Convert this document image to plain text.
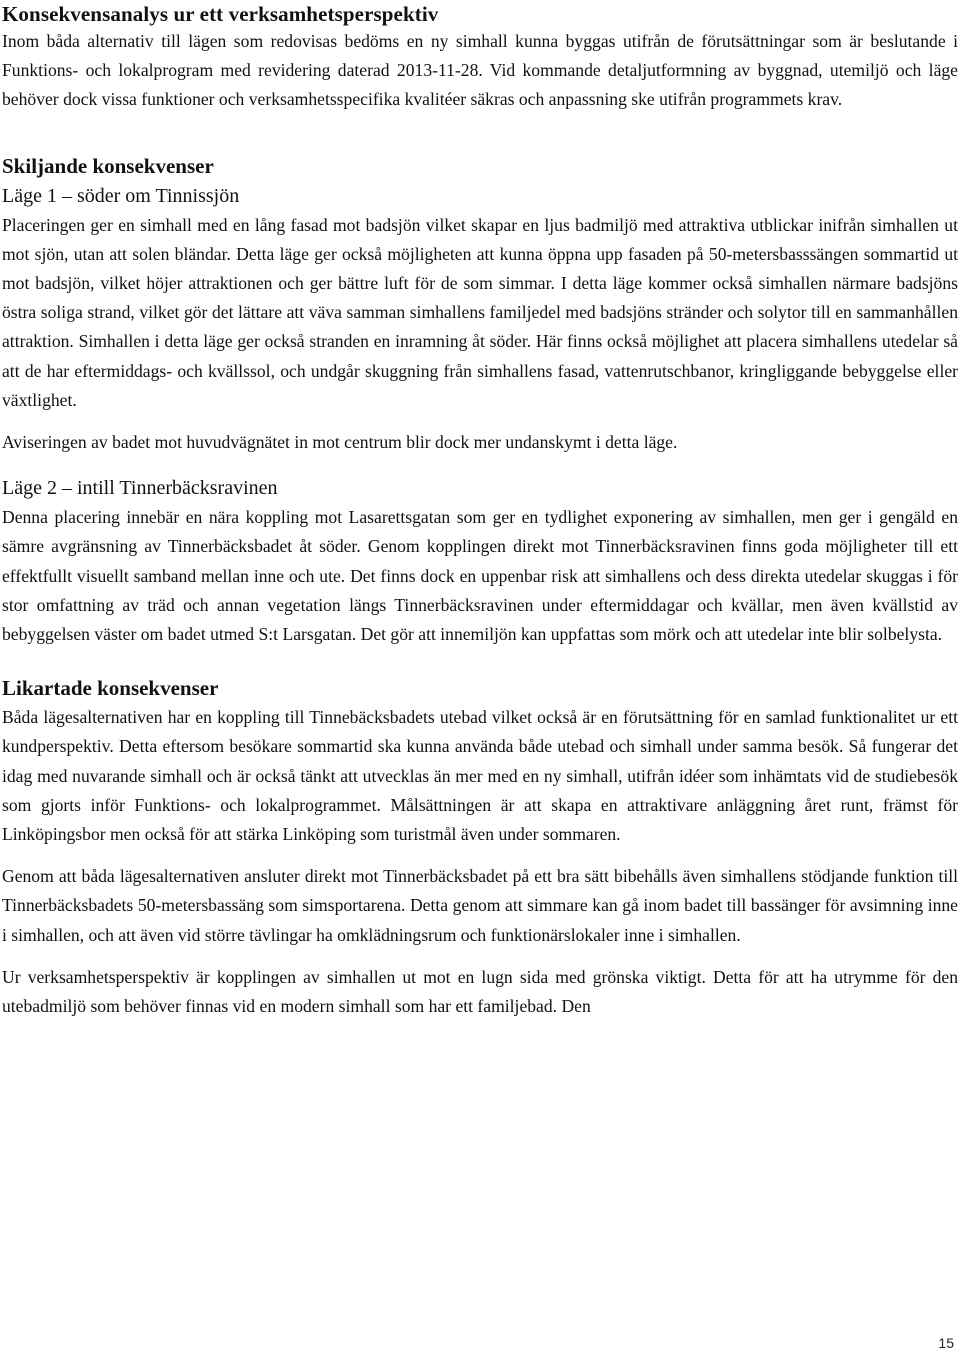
Konsekvensanalys ur ett verksamhetsperspektiv

Inom båda alternativ till lägen som redovisas bedöms en ny simhall kunna byggas utifrån de förutsättningar som är beslutande i Funktions- och lokalprogram med revidering daterad 2013-11-28. Vid kommande detaljutformning av byggnad, utemiljö och läge behöver dock vissa funktioner och verksamhetsspecifika kvalitéer säkras och anpassning ske utifrån programmets krav.

Skiljande konsekvenser
Läge 1 – söder om Tinnissjön

Placeringen ger en simhall med en lång fasad mot badsjön vilket skapar en ljus badmiljö med attraktiva utblickar inifrån simhallen ut mot sjön, utan att solen bländar. Detta läge ger också möjligheten att kunna öppna upp fasaden på 50-metersbasssängen sommartid ut mot badsjön, vilket höjer attraktionen och ger bättre luft för de som simmar. I detta läge kommer också simhallen närmare badsjöns östra soliga strand, vilket gör det lättare att väva samman simhallens familjedel med badsjöns stränder och solytor till en sammanhållen attraktion. Simhallen i detta läge ger också stranden en inramning åt söder. Här finns också möjlighet att placera simhallens utedelar så att de har eftermiddags- och kvällssol, och undgår skuggning från simhallens fasad, vattenrutschbanor, kringliggande bebyggelse eller växtlighet.

Aviseringen av badet mot huvudvägnätet in mot centrum blir dock mer undanskymt i detta läge.

Läge 2 – intill Tinnerbäcksravinen

Denna placering innebär en nära koppling mot Lasarettsgatan som ger en tydlighet exponering av simhallen, men ger i gengäld en sämre avgränsning av Tinnerbäcksbadet åt söder. Genom kopplingen direkt mot Tinnerbäcksravinen finns goda möjligheter till ett effektfullt visuellt samband mellan inne och ute. Det finns dock en uppenbar risk att simhallens och dess direkta utedelar skuggas i för stor omfattning av träd och annan vegetation längs Tinnerbäcksravinen under eftermiddagar och kvällar, men även kvällstid av bebyggelsen väster om badet utmed S:t Larsgatan. Det gör att innemiljön kan uppfattas som mörk och att utedelar inte blir solbelysta.

Likartade konsekvenser

Båda lägesalternativen har en koppling till Tinnebäcksbadets utebad vilket också är en förutsättning för en samlad funktionalitet ur ett kundperspektiv. Detta eftersom besökare sommartid ska kunna använda både utebad och simhall under samma besök. Så fungerar det idag med nuvarande simhall och är också tänkt att utvecklas än mer med en ny simhall, utifrån idéer som inhämtats vid de studiebesök som gjorts inför Funktions- och lokalprogrammet. Målsättningen är att skapa en attraktivare anläggning året runt, främst för Linköpingsbor men också för att stärka Linköping som turistmål även under sommaren.

Genom att båda lägesalternativen ansluter direkt mot Tinnerbäcksbadet på ett bra sätt bibehålls även simhallens stödjande funktion till Tinnerbäcksbadets 50-metersbassäng som simsportarena. Detta genom att simmare kan gå inom badet till bassänger för avsimning inne i simhallen, och att även vid större tävlingar ha omklädningsrum och funktionärslokaler inne i simhallen.

Ur verksamhetsperspektiv är kopplingen av simhallen ut mot en lugn sida med grönska viktigt. Detta för att ha utrymme för den utebadmiljö som behöver finnas vid en modern simhall som har ett familjebad. Den

15
